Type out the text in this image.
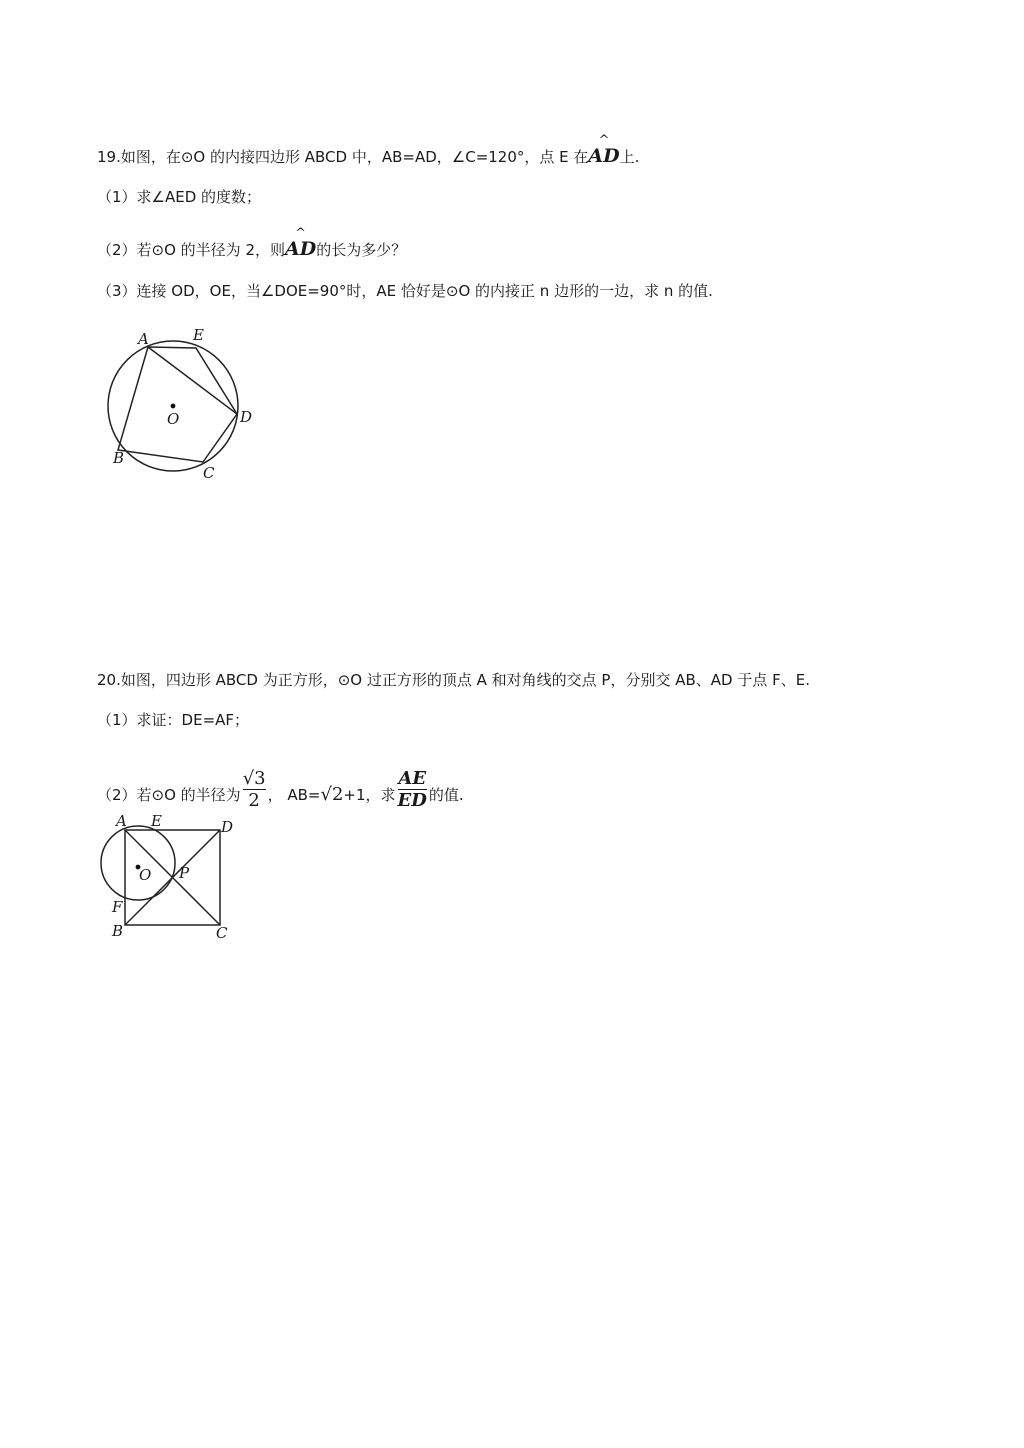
19.如图，在⊙O 的内接四边形 ABCD 中，AB=AD，∠C=120°，点 E 在
^
AD上.
（1）求∠AED 的度数；
（2）若⊙O 的半径为 2，则
^
AD的长为多少？
（3）连接 OD，OE，当∠DOE=90°时，AE 恰好是⊙O 的内接正 n 边形的一边，求 n 的值.
A	E
D
B
C
O
20.如图，四边形 ABCD 为正方形，⊙O 过正方形的顶点 A 和对角线的交点 P，分别交 AB、AD 于点 F、E.
（1）求证：DE=AF；
（2）若⊙O 的半径为 $\frac{√3}{2}$ ， AB=√2+1，求 $\frac{AE}{ED}$ 的值.
A E	D
O P
F
B	C
